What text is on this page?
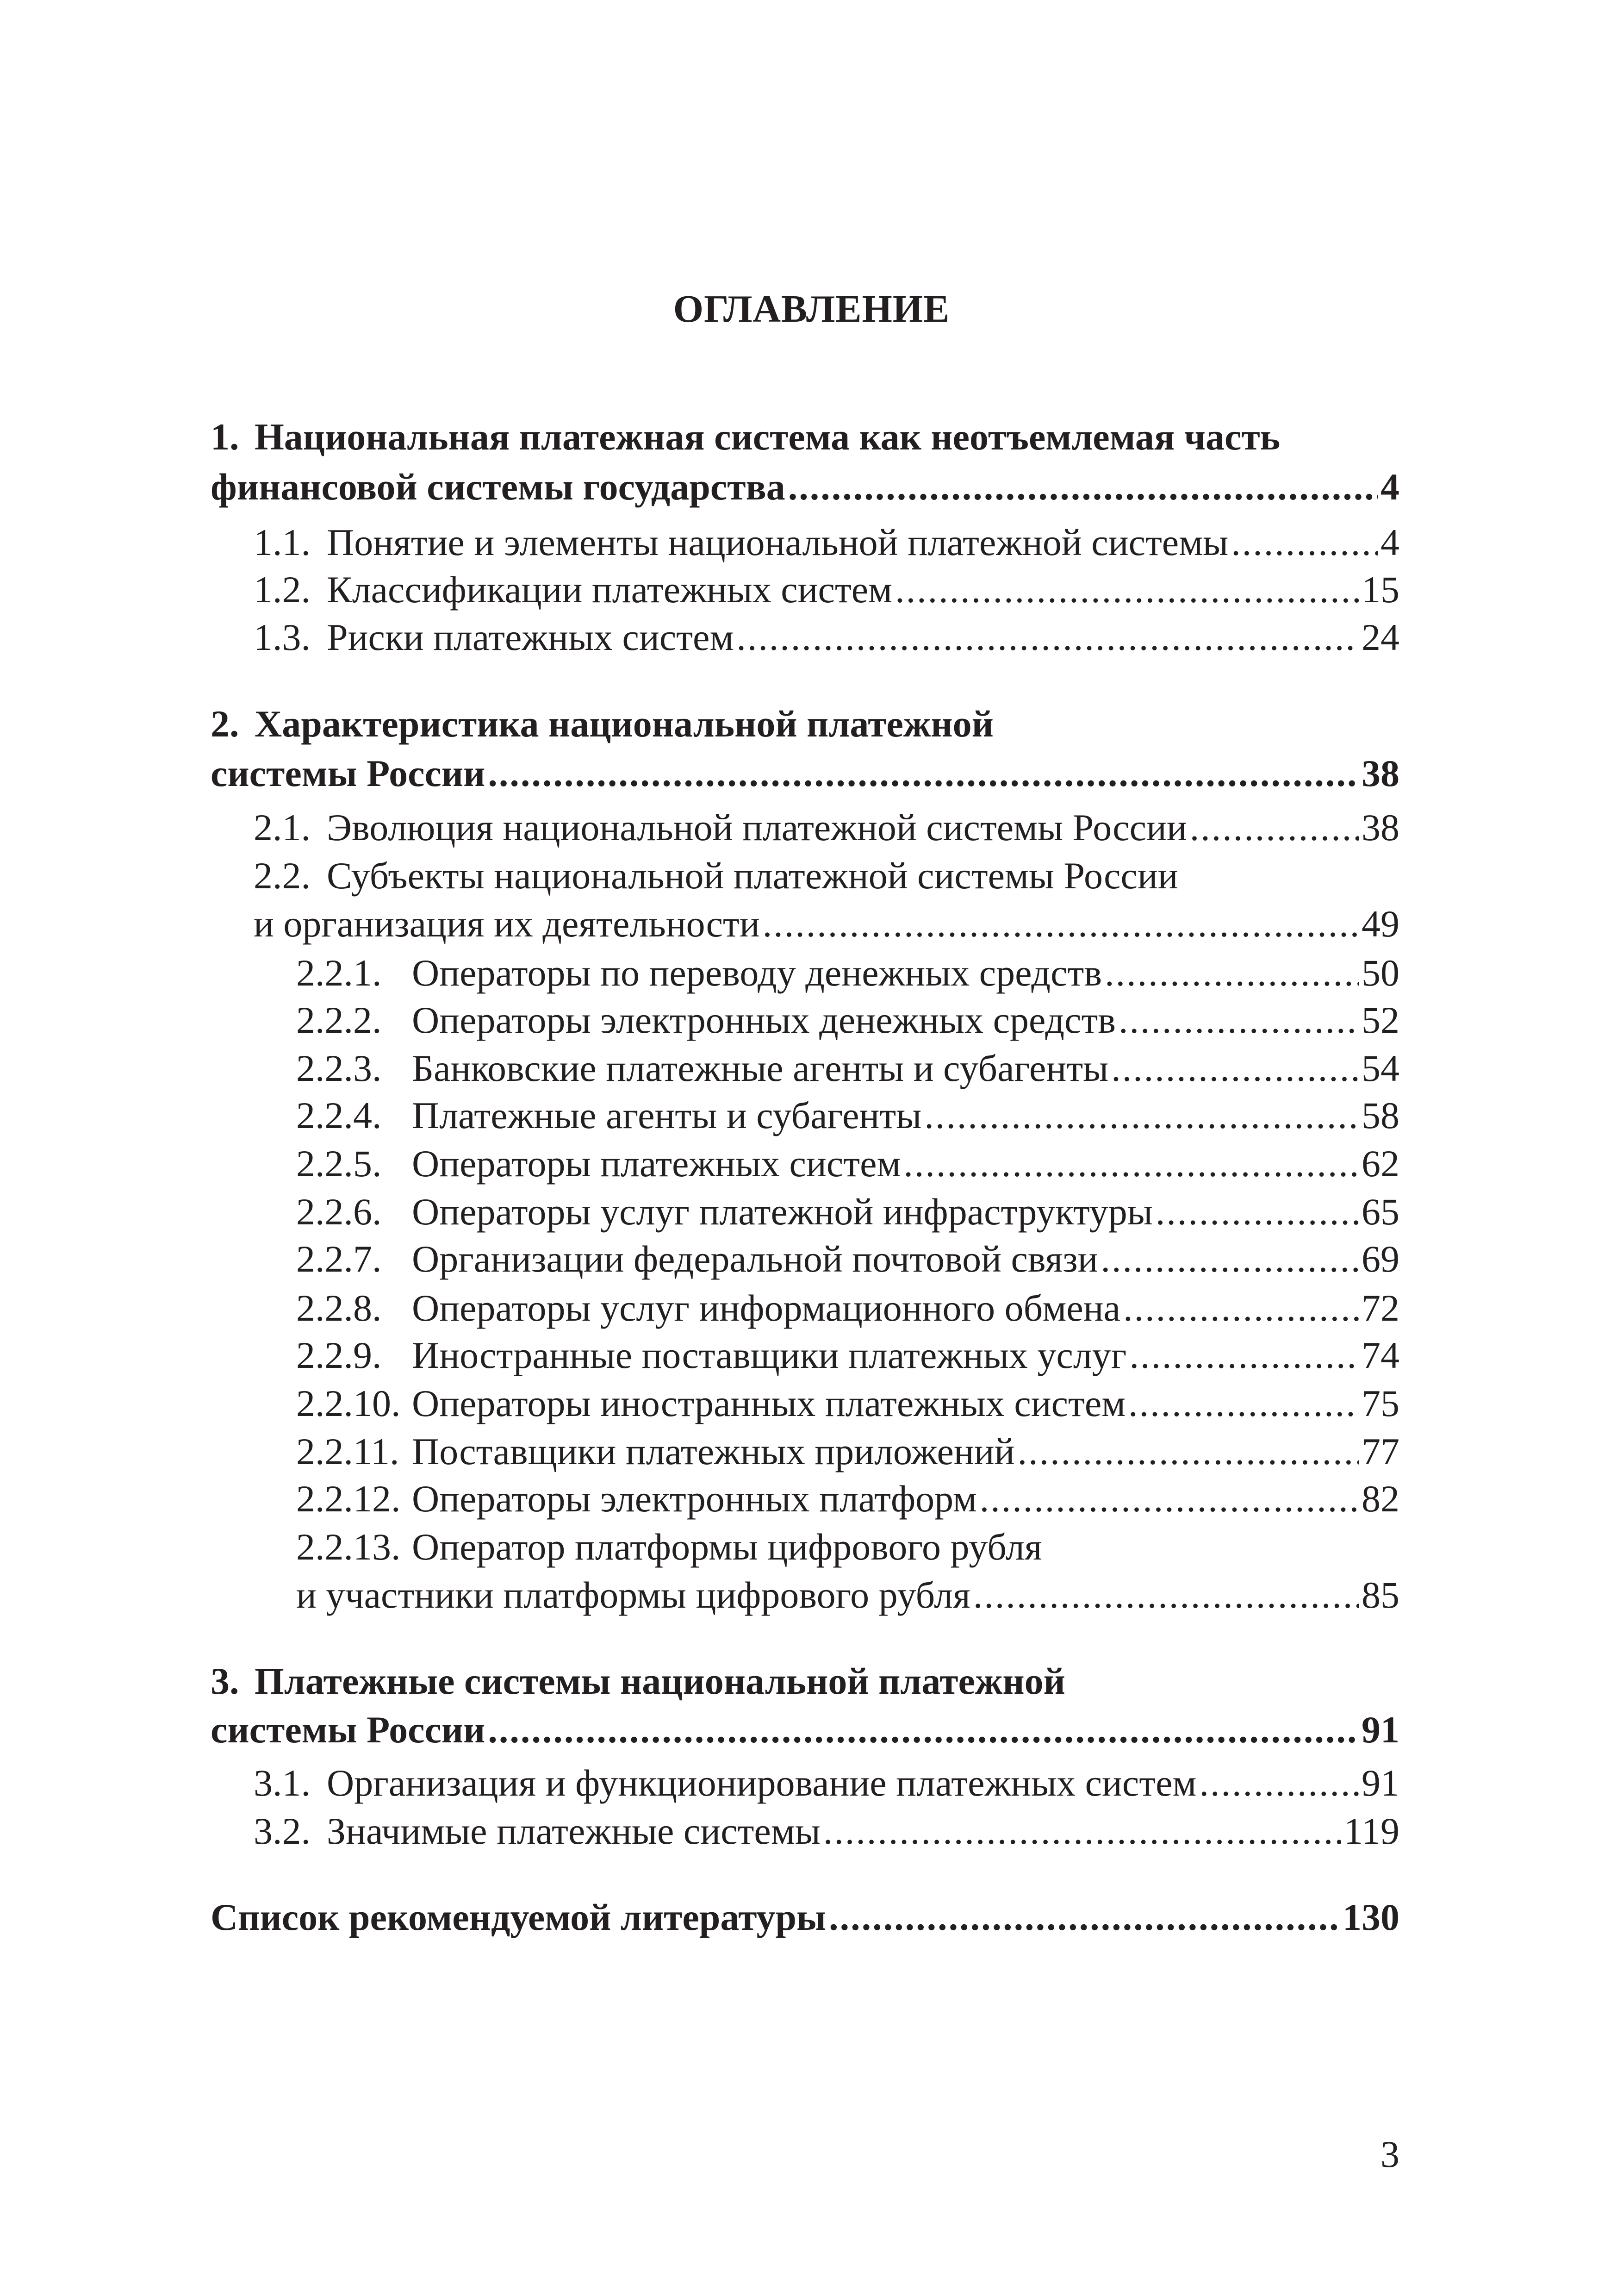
ОГЛАВЛЕНИЕ
1. Национальная платежная система как неотъемлемая часть
финансовой системы государства .....	4
1.1. Понятие и элементы национальной платежной системы .....	4
1.2. Классификации платежных систем .....	15
1.3. Риски платежных систем .....	24
2. Характеристика национальной платежной
системы России .....	38
2.1. Эволюция национальной платежной системы России .....	38
2.2. Субъекты национальной платежной системы России
и организация их деятельности .....	49
2.2.1. Операторы по переводу денежных средств .....	50
2.2.2. Операторы электронных денежных средств .....	52
2.2.3. Банковские платежные агенты и субагенты .....	54
2.2.4. Платежные агенты и субагенты .....	58
2.2.5. Операторы платежных систем .....	62
2.2.6. Операторы услуг платежной инфраструктуры .....	65
2.2.7. Организации федеральной почтовой связи .....	69
2.2.8. Операторы услуг информационного обмена .....	72
2.2.9. Иностранные поставщики платежных услуг .....	74
2.2.10. Операторы иностранных платежных систем .....	75
2.2.11. Поставщики платежных приложений .....	77
2.2.12. Операторы электронных платформ .....	82
2.2.13. Оператор платформы цифрового рубля
и участники платформы цифрового рубля .....	85
3. Платежные системы национальной платежной
системы России .....	91
3.1. Организация и функционирование платежных систем .....	91
3.2. Значимые платежные системы .....	119
Список рекомендуемой литературы .....	130
3
